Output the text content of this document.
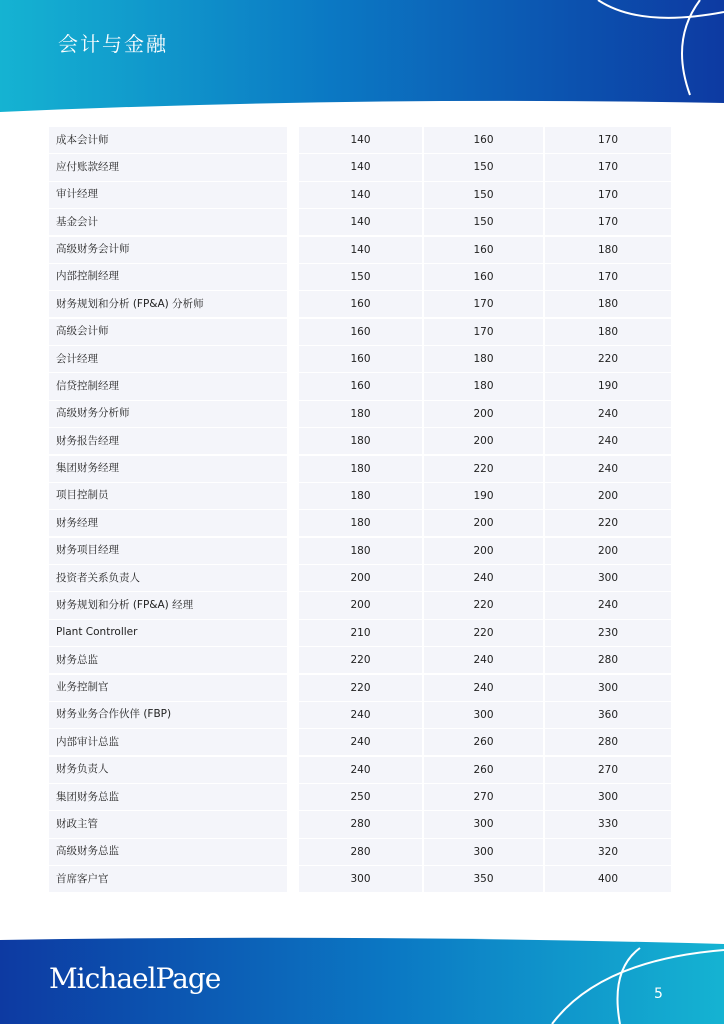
会计与金融
成本会计师	140	160	170
应付账款经理	140	150	170
审计经理	140	150	170
基金会计	140	150	170
高级财务会计师	140	160	180
内部控制经理	150	160	170
财务规划和分析 (FP&A) 分析师	160	170	180
高级会计师	160	170	180
会计经理	160	180	220
信贷控制经理	160	180	190
高级财务分析师	180	200	240
财务报告经理	180	200	240
集团财务经理	180	220	240
项目控制员	180	190	200
财务经理	180	200	220
财务项目经理	180	200	200
投资者关系负责人	200	240	300
财务规划和分析 (FP&A) 经理	200	220	240
Plant Controller	210	220	230
财务总监	220	240	280
业务控制官	220	240	300
财务业务合作伙伴 (FBP)	240	300	360
内部审计总监	240	260	280
财务负责人	240	260	270
集团财务总监	250	270	300
财政主管	280	300	330
高级财务总监	280	300	320
首席客户官	300	350	400
MichaelPage	5
